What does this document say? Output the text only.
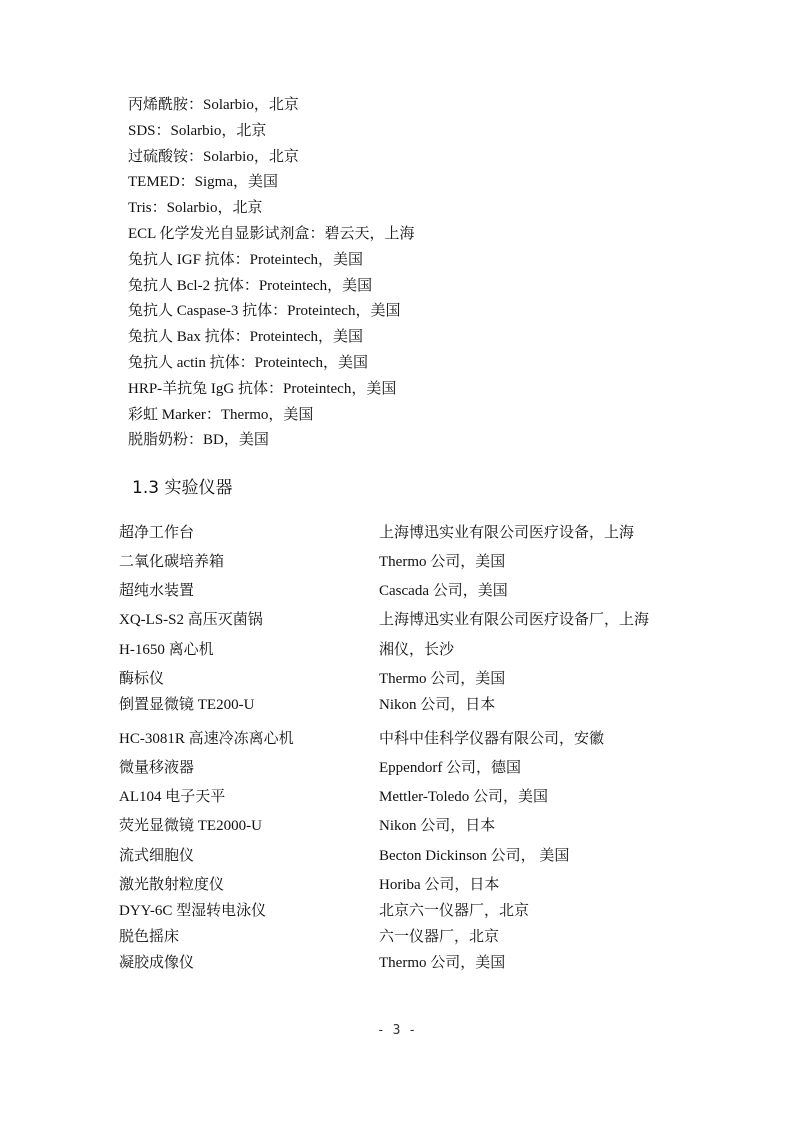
丙烯酰胺：Solarbio，北京
SDS：Solarbio，北京
过硫酸铵：Solarbio，北京
TEMED：Sigma，美国
Tris：Solarbio，北京
ECL 化学发光自显影试剂盒：碧云天，上海
兔抗人 IGF 抗体：Proteintech，美国
兔抗人 Bcl-2 抗体：Proteintech，美国
兔抗人 Caspase-3 抗体：Proteintech，美国
兔抗人 Bax 抗体：Proteintech，美国
兔抗人 actin 抗体：Proteintech，美国
HRP-羊抗兔 IgG 抗体：Proteintech，美国
彩虹 Marker：Thermo，美国
脱脂奶粉：BD，美国
1.3 实验仪器
超净工作台	上海博迅实业有限公司医疗设备，上海
二氧化碳培养箱	Thermo 公司，美国
超纯水装置	Cascada 公司，美国
XQ-LS-S2 高压灭菌锅	上海博迅实业有限公司医疗设备厂，上海
H-1650 离心机	湘仪，长沙
酶标仪	Thermo 公司，美国
倒置显微镜 TE200-U	Nikon 公司，日本
HC-3081R 高速冷冻离心机	中科中佳科学仪器有限公司，安徽
微量移液器	Eppendorf 公司，德国
AL104 电子天平	Mettler-Toledo 公司，美国
荧光显微镜 TE2000-U	Nikon 公司，日本
流式细胞仪	Becton Dickinson 公司， 美国
激光散射粒度仪	Horiba 公司，日本
DYY-6C 型湿转电泳仪	北京六一仪器厂，北京
脱色摇床	六一仪器厂，北京
凝胶成像仪	Thermo 公司，美国
- 3 -
